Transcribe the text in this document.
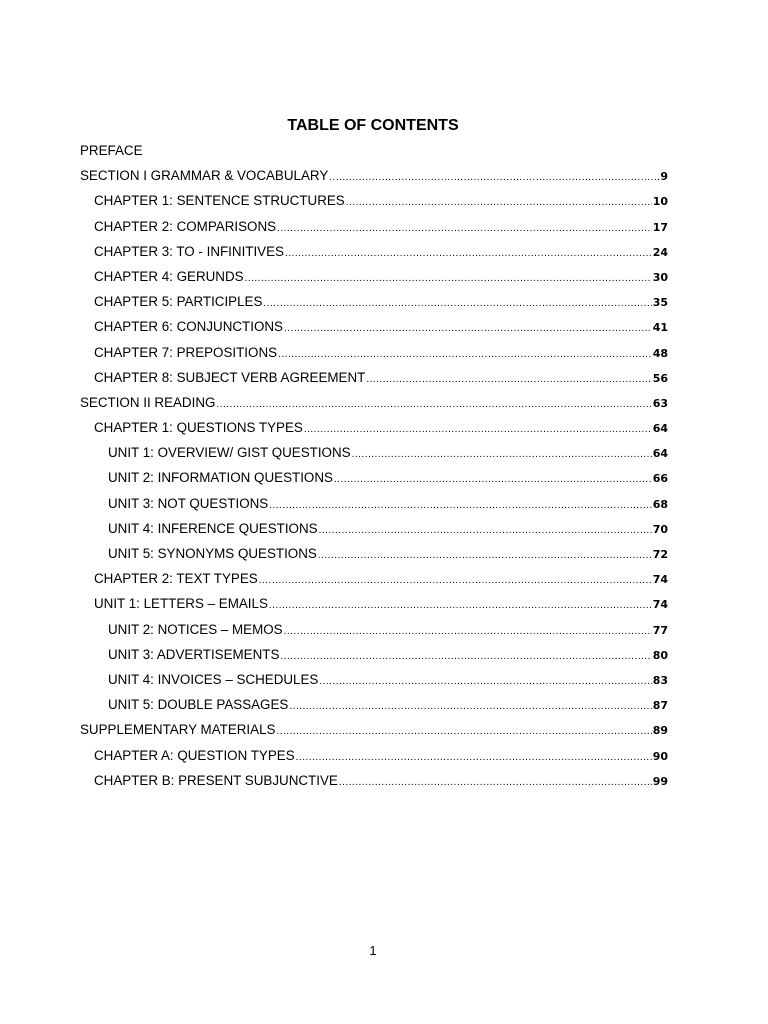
TABLE OF CONTENTS
PREFACE
SECTION I GRAMMAR & VOCABULARY .....	9
CHAPTER 1: SENTENCE STRUCTURES .....	10
CHAPTER 2: COMPARISONS .....	17
CHAPTER 3: TO - INFINITIVES .....	24
CHAPTER 4: GERUNDS .....	30
CHAPTER 5: PARTICIPLES .....	35
CHAPTER 6: CONJUNCTIONS .....	41
CHAPTER 7: PREPOSITIONS .....	48
CHAPTER 8: SUBJECT VERB AGREEMENT .....	56
SECTION II READING .....	63
CHAPTER 1: QUESTIONS TYPES .....	64
UNIT 1: OVERVIEW/ GIST QUESTIONS .....	64
UNIT 2: INFORMATION QUESTIONS .....	66
UNIT 3: NOT QUESTIONS .....	68
UNIT 4: INFERENCE QUESTIONS .....	70
UNIT 5: SYNONYMS QUESTIONS .....	72
CHAPTER 2: TEXT TYPES .....	74
UNIT 1: LETTERS – EMAILS .....	74
UNIT 2: NOTICES – MEMOS .....	77
UNIT 3: ADVERTISEMENTS .....	80
UNIT 4: INVOICES – SCHEDULES .....	83
UNIT 5: DOUBLE PASSAGES .....	87
SUPPLEMENTARY MATERIALS .....	89
CHAPTER A: QUESTION TYPES .....	90
CHAPTER B: PRESENT SUBJUNCTIVE .....	99
1
